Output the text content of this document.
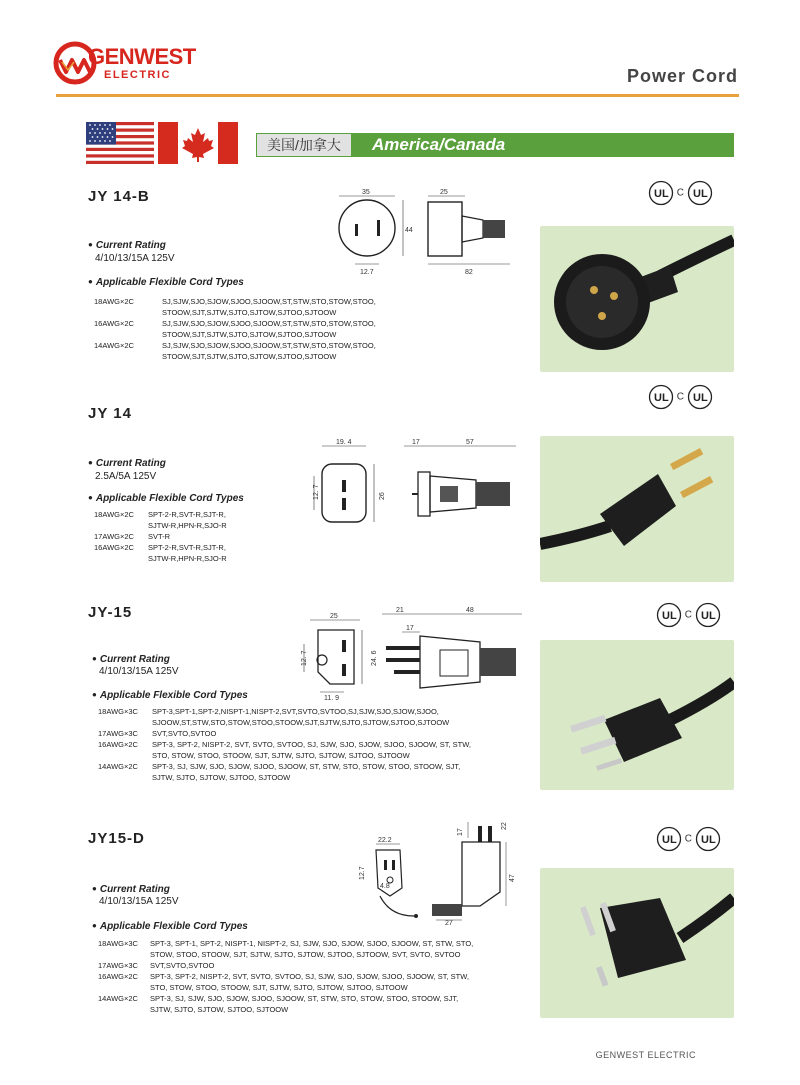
GENWEST
ELECTRIC	Power Cord
美国/加拿大	America/Canada
JY 14-B
● Current Rating
4/10/13/15A 125V
● Applicable Flexible Cord Types
18AWG×2C	SJ,SJW,SJO,SJOW,SJOO,SJOOW,ST,STW,STO,STOW,STOO,
STOOW,SJT,SJTW,SJTO,SJTOW,SJTOO,SJTOOW
16AWG×2C	SJ,SJW,SJO,SJOW,SJOO,SJOOW,ST,STW,STO,STOW,STOO,
STOOW,SJT,SJTW,SJTO,SJTOW,SJTOO,SJTOOW
14AWG×2C	SJ,SJW,SJO,SJOW,SJOO,SJOOW,ST,STW,STO,STOW,STOO,
STOOW,SJT,SJTW,SJTO,SJTOW,SJTOO,SJTOOW
35
44
12.7
25
82
UL C UL
JY 14
● Current Rating
2.5A/5A 125V
● Applicable Flexible Cord Types
18AWG×2C	SPT-2-R,SVT-R,SJT-R,
SJTW-R,HPN-R,SJO-R
17AWG×2C	SVT-R
16AWG×2C	SPT-2-R,SVT-R,SJT-R,
SJTW-R,HPN-R,SJO-R
19. 4
12. 7	26
17	57
UL C UL
JY-15
● Current Rating
4/10/13/15A 125V
● Applicable Flexible Cord Types
18AWG×3C	SPT-3,SPT-1,SPT-2,NISPT-1,NISPT-2,SVT,SVTO,SVTOO,SJ,SJW,SJO,SJOW,SJOO,
SJOOW,ST,STW,STO,STOW,STOO,STOOW,SJT,SJTW,SJTO,SJTOW,SJTOO,SJTOOW
17AWG×3C	SVT,SVTO,SVTOO
16AWG×2C	SPT-3, SPT-2, NISPT-2, SVT, SVTO, SVTOO, SJ, SJW, SJO, SJOW, SJOO, SJOOW, ST, STW,
STO, STOW, STOO, STOOW, SJT, SJTW, SJTO, SJTOW, SJTOO, SJTOOW
14AWG×2C	SPT-3, SJ, SJW, SJO, SJOW, SJOO, SJOOW, ST, STW, STO, STOW, STOO, STOOW, SJT,
SJTW, SJTO, SJTOW, SJTOO, SJTOOW
25
12. 7	24. 6
11. 9
21	48
17
UL C UL
JY15-D
● Current Rating
4/10/13/15A 125V
● Applicable Flexible Cord Types
18AWG×3C	SPT-3, SPT-1, SPT-2, NISPT-1, NISPT-2, SJ, SJW, SJO, SJOW, SJOO, SJOOW, ST, STW, STO,
STOW, STOO, STOOW, SJT, SJTW, SJTO, SJTOW, SJTOO, SJTOOW, SVT, SVTO, SVTOO
17AWG×3C	SVT,SVTO,SVTOO
16AWG×2C	SPT-3, SPT-2, NISPT-2, SVT, SVTO, SVTOO, SJ, SJW, SJO, SJOW, SJOO, SJOOW, ST, STW,
STO, STOW, STOO, STOOW, SJT, SJTW, SJTO, SJTOW, SJTOO, SJTOOW
14AWG×2C	SPT-3, SJ, SJW, SJO, SJOW, SJOO, SJOOW, ST, STW, STO, STOW, STOO, STOOW, SJT,
SJTW, SJTO, SJTOW, SJTOO, SJTOOW
22.2
12.7
4.8
17
47
22
27
UL C UL
GENWEST ELECTRIC
